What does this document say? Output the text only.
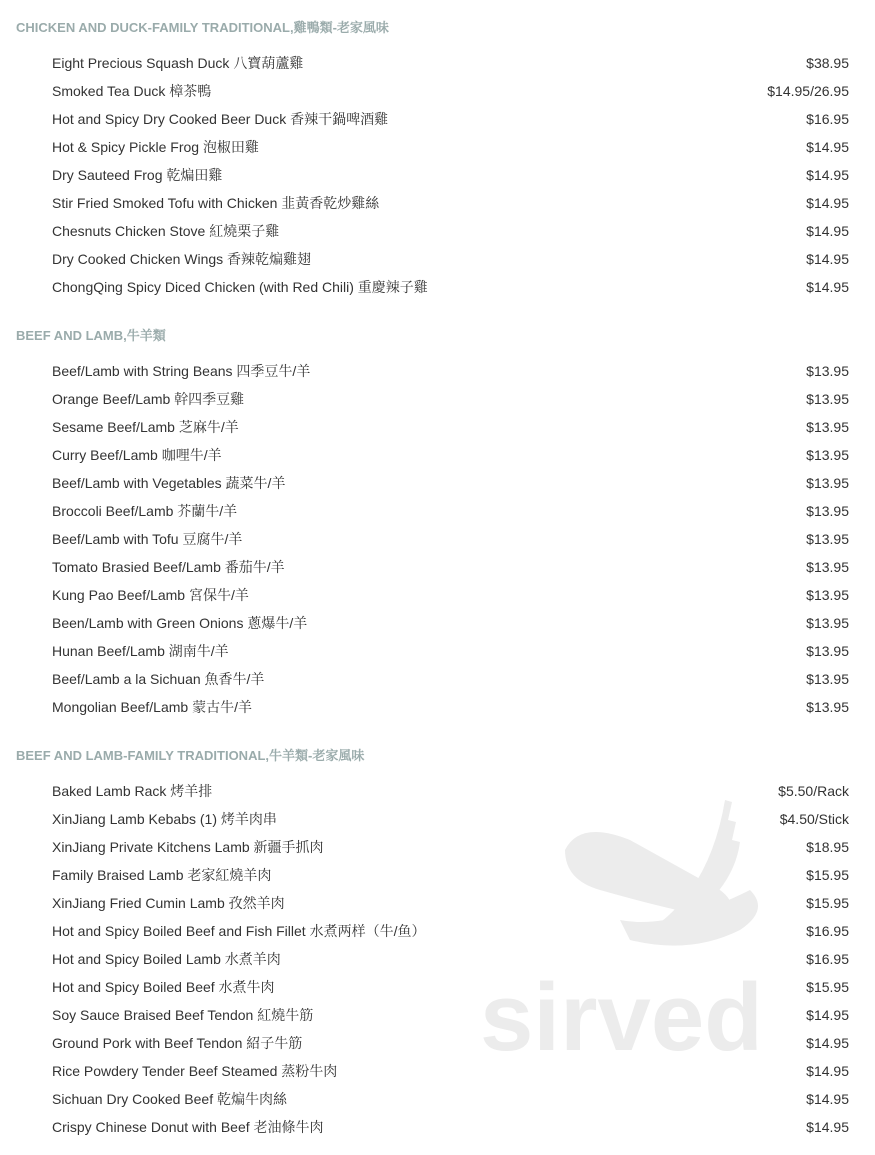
sirved
CHICKEN AND DUCK-FAMILY TRADITIONAL,雞鴨類-老家風味
Eight Precious Squash Duck 八寶葫蘆雞	$38.95
Smoked Tea Duck 樟茶鴨	$14.95/26.95
Hot and Spicy Dry Cooked Beer Duck 香辣干鍋啤酒雞	$16.95
Hot & Spicy Pickle Frog 泡椒田雞	$14.95
Dry Sauteed Frog 乾煸田雞	$14.95
Stir Fried Smoked Tofu with Chicken 韭黃香乾炒雞絲	$14.95
Chesnuts Chicken Stove 紅燒栗子雞	$14.95
Dry Cooked Chicken Wings 香辣乾煸雞翅	$14.95
ChongQing Spicy Diced Chicken (with Red Chili) 重慶辣子雞	$14.95
BEEF AND LAMB,牛羊類
Beef/Lamb with String Beans 四季豆牛/羊	$13.95
Orange Beef/Lamb 幹四季豆雞	$13.95
Sesame Beef/Lamb 芝麻牛/羊	$13.95
Curry Beef/Lamb 咖哩牛/羊	$13.95
Beef/Lamb with Vegetables 蔬菜牛/羊	$13.95
Broccoli Beef/Lamb 芥蘭牛/羊	$13.95
Beef/Lamb with Tofu 豆腐牛/羊	$13.95
Tomato Brasied Beef/Lamb 番茄牛/羊	$13.95
Kung Pao Beef/Lamb 宮保牛/羊	$13.95
Been/Lamb with Green Onions 蔥爆牛/羊	$13.95
Hunan Beef/Lamb 湖南牛/羊	$13.95
Beef/Lamb a la Sichuan 魚香牛/羊	$13.95
Mongolian Beef/Lamb 蒙古牛/羊	$13.95
BEEF AND LAMB-FAMILY TRADITIONAL,牛羊類-老家風味
Baked Lamb Rack 烤羊排	$5.50/Rack
XinJiang Lamb Kebabs (1) 烤羊肉串	$4.50/Stick
XinJiang Private Kitchens Lamb 新疆手抓肉	$18.95
Family Braised Lamb 老家紅燒羊肉	$15.95
XinJiang Fried Cumin Lamb 孜然羊肉	$15.95
Hot and Spicy Boiled Beef and Fish Fillet 水煮两样（牛/鱼）	$16.95
Hot and Spicy Boiled Lamb 水煮羊肉	$16.95
Hot and Spicy Boiled Beef 水煮牛肉	$15.95
Soy Sauce Braised Beef Tendon 紅燒牛筋	$14.95
Ground Pork with Beef Tendon 紹子牛筋	$14.95
Rice Powdery Tender Beef Steamed 蒸粉牛肉	$14.95
Sichuan Dry Cooked Beef 乾煸牛肉絲	$14.95
Crispy Chinese Donut with Beef 老油條牛肉	$14.95
